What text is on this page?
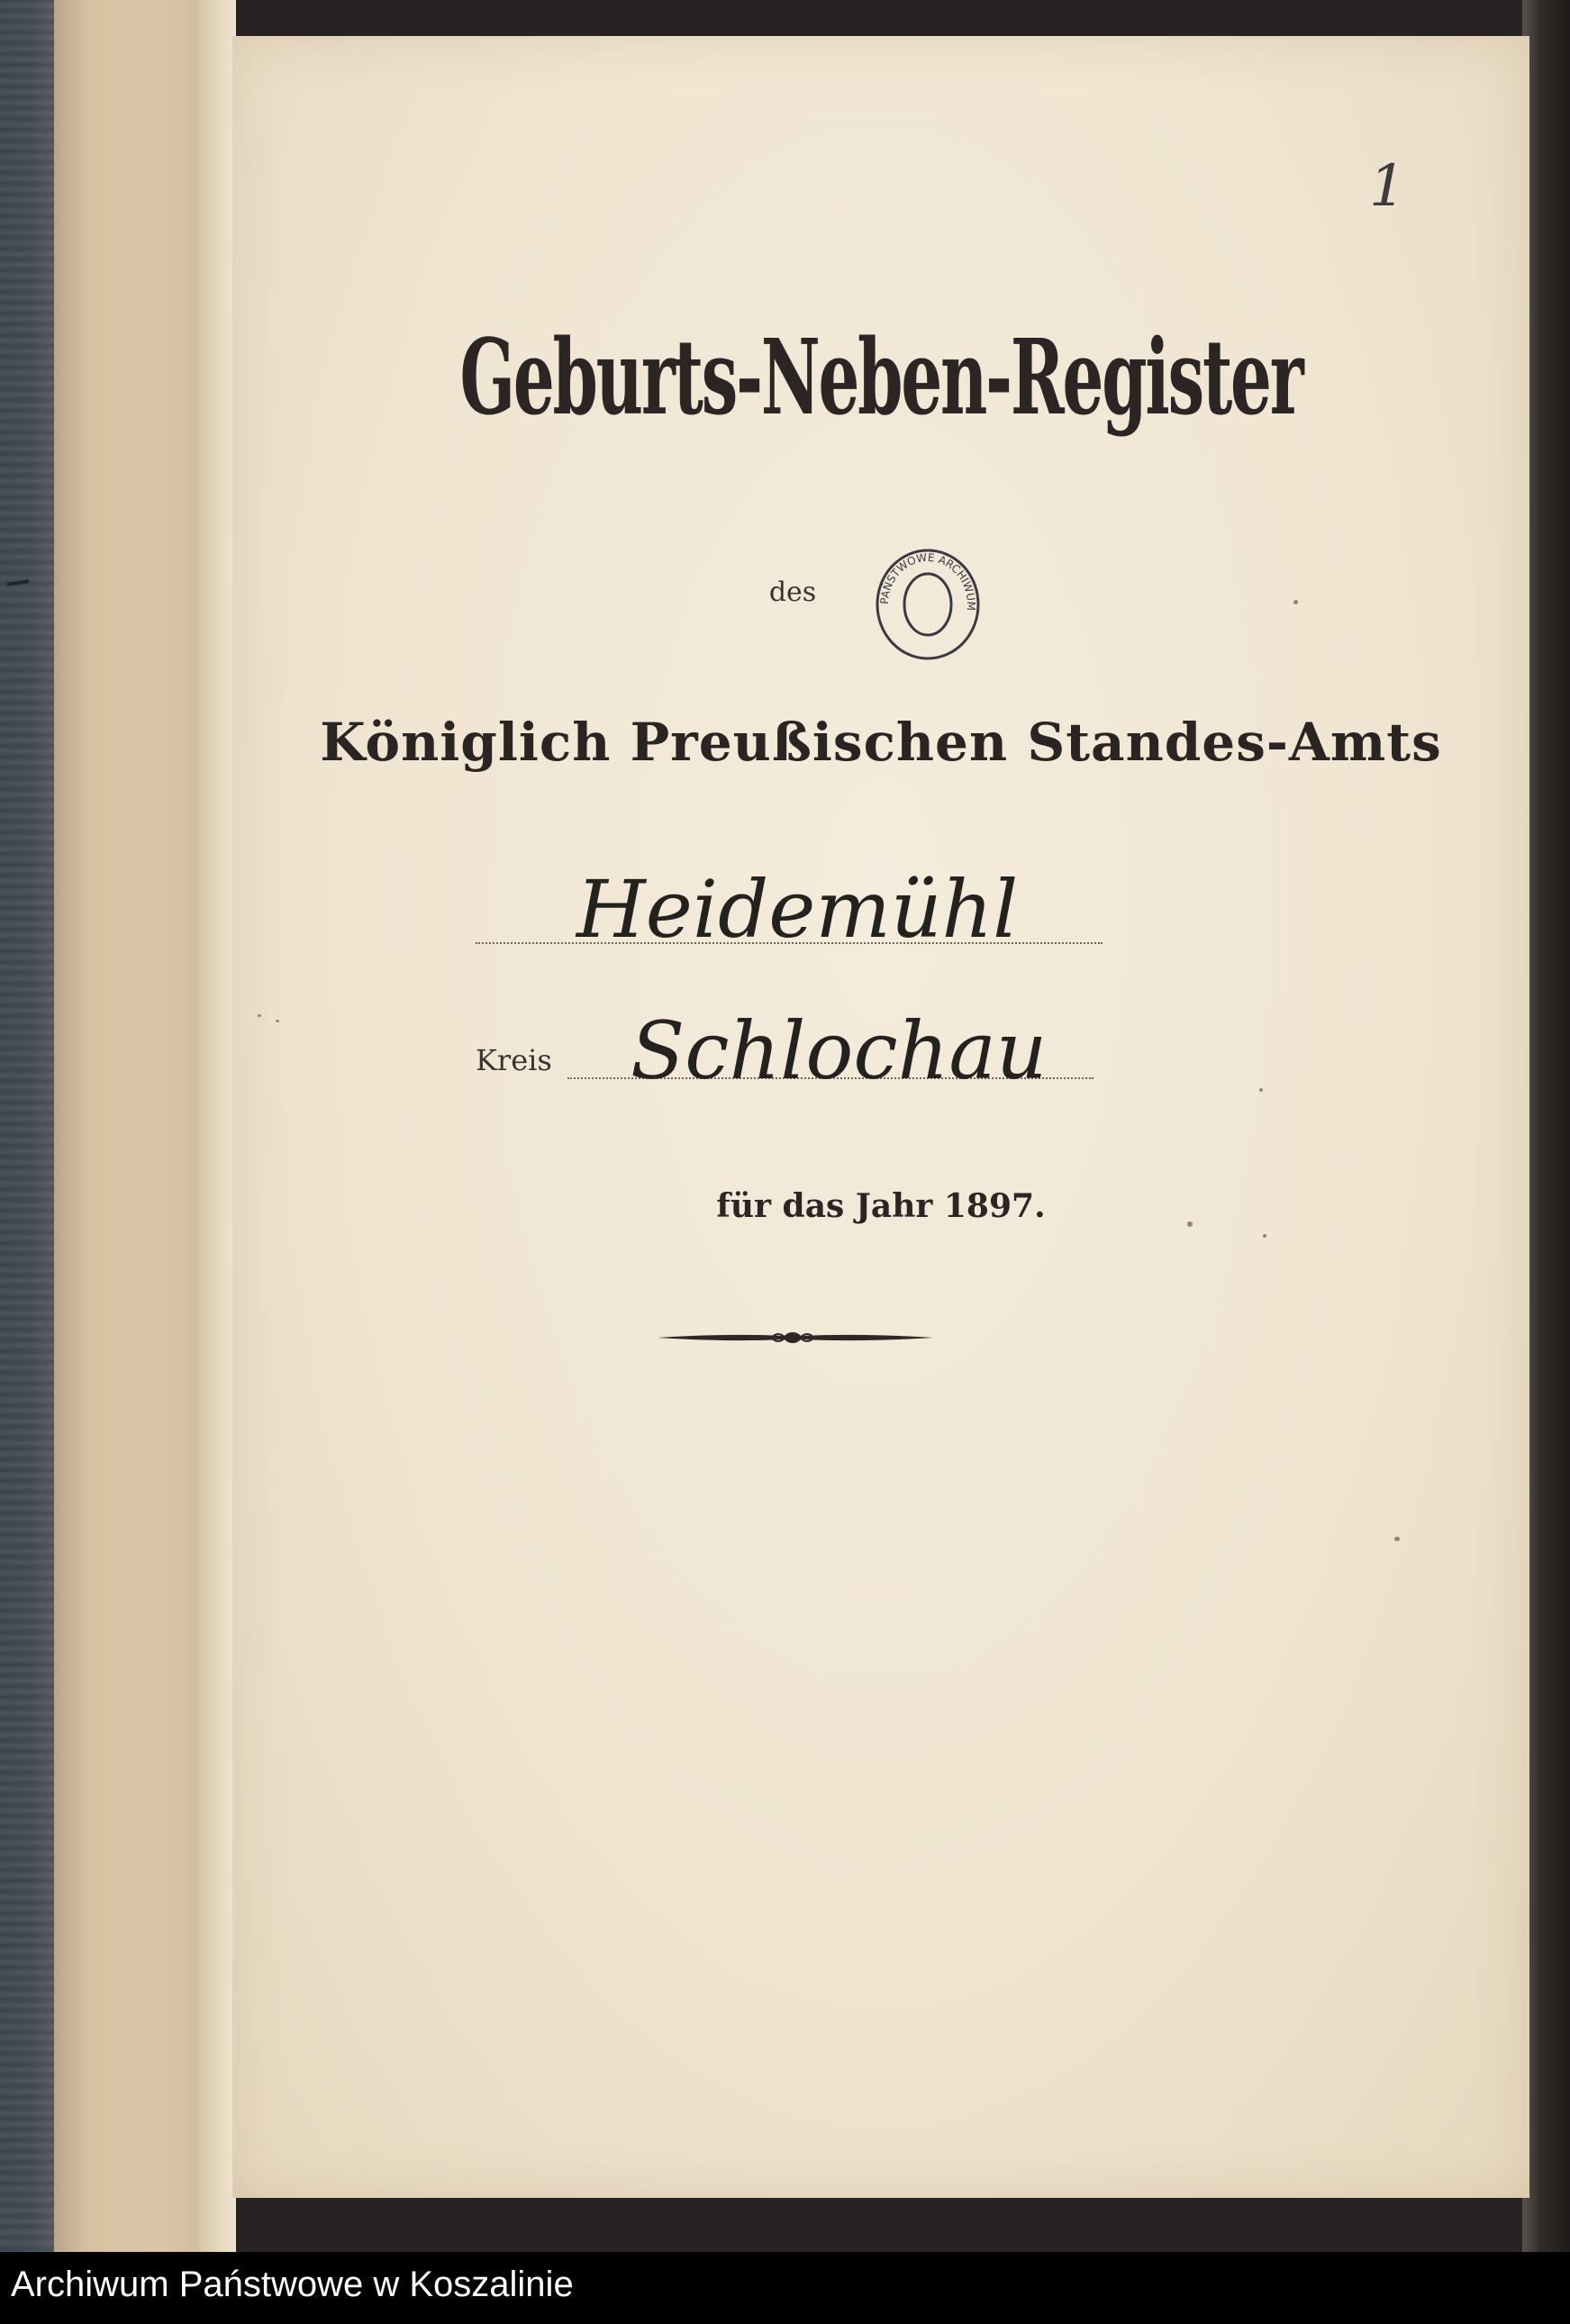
1
Geburts-Neben-Register
des	PAŃSTWOWE ARCHIWUM
Königlich Preußischen Standes-Amts
Heidemühl
Kreis Schlochau
für das Jahr 1897.
Archiwum Państwowe w Koszalinie
